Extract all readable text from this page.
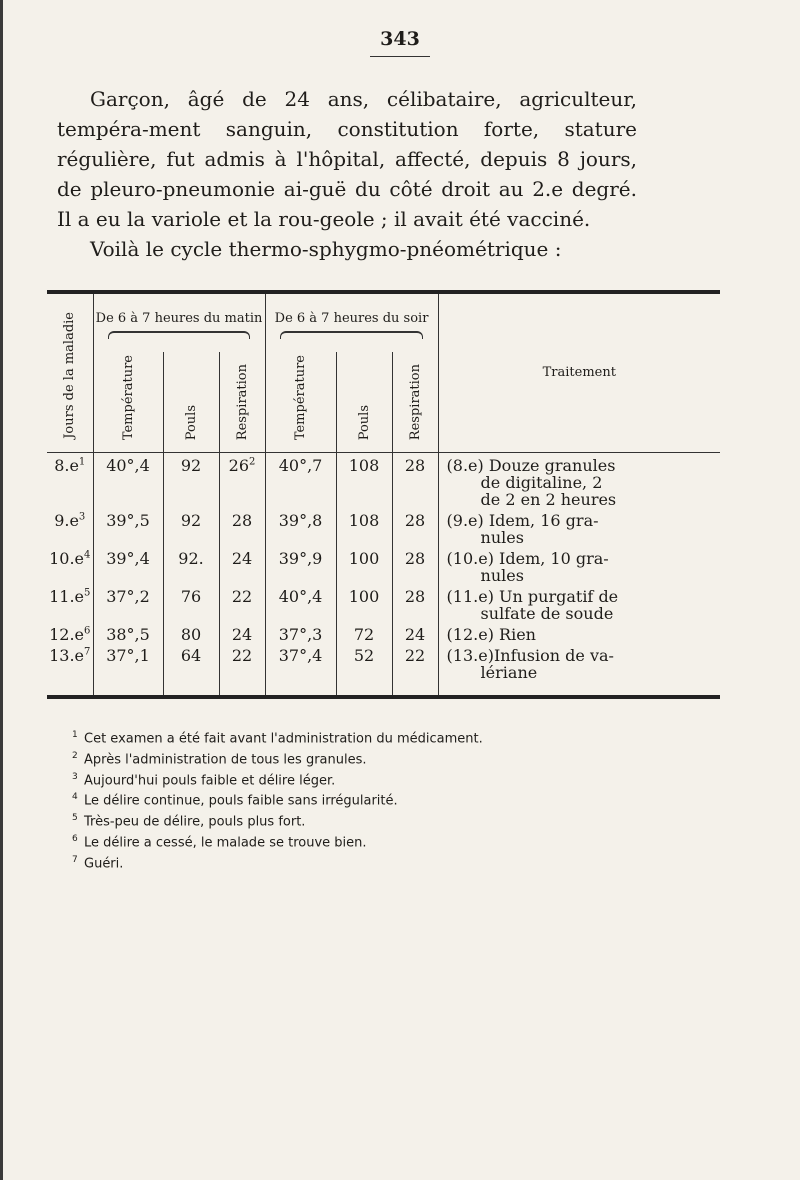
343

Garçon, âgé de 24 ans, célibataire, agriculteur, tempéra-ment sanguin, constitution forte, stature régulière, fut admis à l'hôpital, affecté, depuis 8 jours, de pleuro-pneumonie ai-guë du côté droit au 2.e degré. Il a eu la variole et la rou-geole ; il avait été vacciné.

Voilà le cycle thermo-sphygmo-pnéométrique :

Jours de la maladie	De 6 à 7 heures du matin			De 6 à 7 heures du soir			Traitement
	Température	Pouls	Respiration	Température	Pouls	Respiration	
$8.e^1$	40°,4	92	$26^2$	40°,7	108	28	(8.e) Douze granules
de digitaline, 2
de 2 en 2 heures

$9.e^3$	39°,5	92	28	39°,8	108	28	(9.e) Idem, 16 gra-
nules

$10.e^4$	39°,4	92.	24	39°,9	100	28	(10.e) Idem, 10 gra-
nules

$11.e^5$	37°,2	76	22	40°,4	100	28	(11.e) Un purgatif de
sulfate de soude

$12.e^6$	38°,5	80	24	37°,3	72	24	(12.e) Rien

$13.e^7$	37°,1	64	22	37°,4	52	22	(13.e)Infusion de va-
lériane
1 Cet examen a été fait avant l'administration du médicament.
2 Après l'administration de tous les granules.
3 Aujourd'hui pouls faible et délire léger.
4 Le délire continue, pouls faible sans irrégularité.
5 Très-peu de délire, pouls plus fort.
6 Le délire a cessé, le malade se trouve bien.
7 Guéri.
